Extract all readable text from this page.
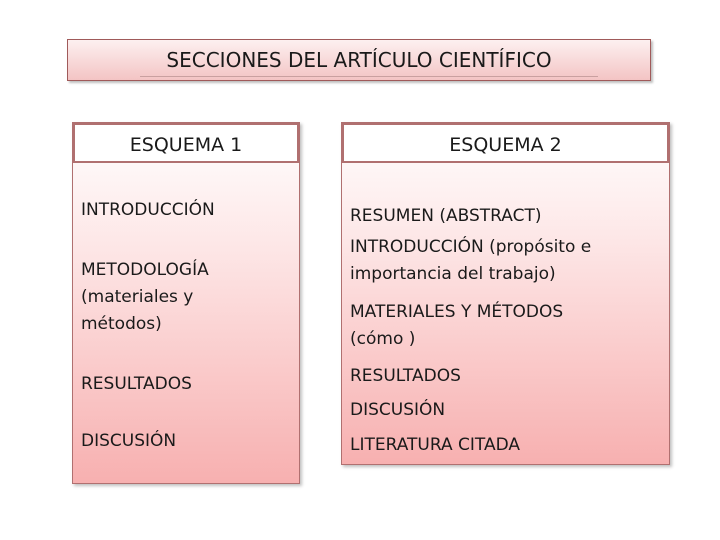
SECCIONES DEL ARTÍCULO CIENTÍFICO
ESQUEMA 1
INTRODUCCIÓN
METODOLOGÍA
(materiales y
métodos)
RESULTADOS
DISCUSIÓN
ESQUEMA 2
RESUMEN (ABSTRACT)
INTRODUCCIÓN (propósito e
importancia del trabajo)
MATERIALES Y MÉTODOS
(cómo )
RESULTADOS
DISCUSIÓN
LITERATURA CITADA
